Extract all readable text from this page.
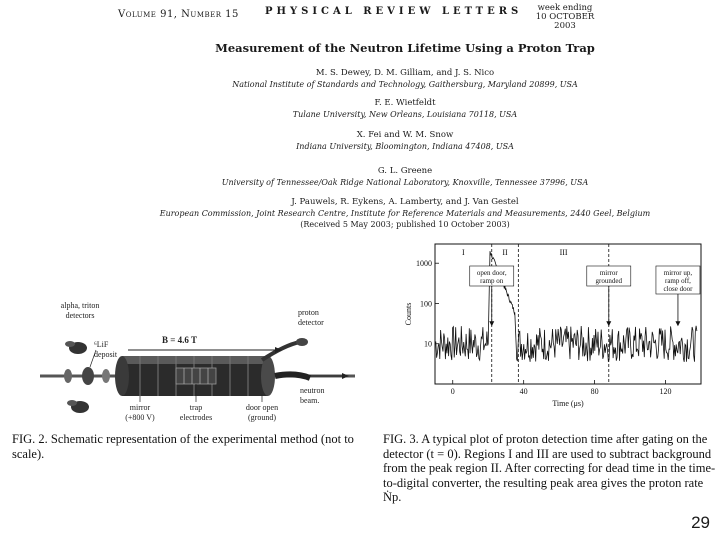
Volume 91, Number 15	PHYSICAL REVIEW LETTERS	week ending
10 OCTOBER 2003
Measurement of the Neutron Lifetime Using a Proton Trap
M. S. Dewey, D. M. Gilliam, and J. S. Nico
National Institute of Standards and Technology, Gaithersburg, Maryland 20899, USA
F. E. Wietfeldt
Tulane University, New Orleans, Louisiana 70118, USA
X. Fei and W. M. Snow
Indiana University, Bloomington, Indiana 47408, USA
G. L. Greene
University of Tennessee/Oak Ridge National Laboratory, Knoxville, Tennessee 37996, USA
J. Pauwels, R. Eykens, A. Lamberty, and J. Van Gestel
European Commission, Joint Research Centre, Institute for Reference Materials and Measurements, 2440 Geel, Belgium
(Received 5 May 2003; published 10 October 2003)
alpha, triton
detectors
⁶LiF
deposit
B = 4.6 T
proton
detector
neutron
beam.
mirror
(+800 V)
trap
electrodes
door open
(ground)
0	40	80	120
10
100
1000
I	II	III
open door,
ramp on
mirror
grounded
mirror up,
ramp off,
close door
Time (μs)
Counts
FIG. 2. Schematic representation of the experimental method (not to scale).
FIG. 3. A typical plot of proton detection time after gating on the detector (t = 0). Regions I and III are used to subtract background from the peak region II. After correcting for dead time in the time-to-digital converter, the resulting peak area gives the proton rate Ṅp.
29
